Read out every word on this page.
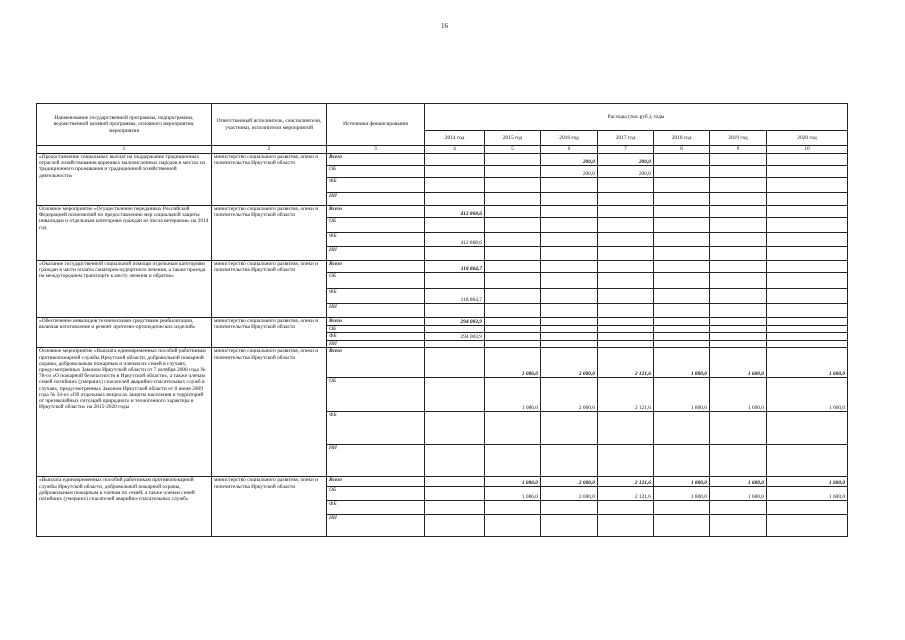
16
Наименование государственной программы, подпрограммы, ведомственной целевой программы, основного мероприятия, мероприятия	Ответственный исполнитель, соисполнители, участники, исполнители мероприятий	Источники финансирования	Расходы (тыс.руб.), годы						
			2014 год	2015 год	2016 год	2017 год	2018 год	2019 год	2020 год
1	2	3	4	5	6	7	8	9	10
«Предоставление социальных выплат на поддержание традиционных отраслей хозяйствования коренных малочисленных народов в местах их традиционного проживания и традиционной хозяйственной деятельности»	министерство социального развития, опеки и попечительства Иркутской области	Всего			200,0	200,0			
		ОБ			200,0	200,0			
		ФБ							
		ИИ							
Основное мероприятие «Осуществление переданных Российской Федерацией полномочий по предоставлению мер социальной защиты инвалидам и отдельным категориям граждан из числа ветеранов» на 2014 год	министерство социального развития, опеки и попечительства Иркутской области	Всего	412 868,6						
		ОБ							
		ФБ	412 868,6						
		ИИ							
«Оказание государственной социальной помощи отдельным категориям граждан в части оплаты санаторно-курортного лечения, а также проезда на междугороднем транспорте к месту лечения и обратно»	министерство социального развития, опеки и попечительства Иркутской области	Всего	118 864,7						
		ОБ							
		ФБ	118 864,7						
		ИИ							
«Обеспечение инвалидов техническими средствами реабилитации, включая изготовление и ремонт протезно-ортопедических изделий»	министерство социального развития, опеки и попечительства Иркутской области	Всего	294 003,9						
		ОБ							
		ФБ	294 003,9						
		ИИ							
Основное мероприятие «Выплата единовременных пособий работникам противопожарной службы Иркутской области, добровольной пожарной охраны, добровольным пожарным и членам их семей в случаях, предусмотренных Законом Иркутской области от 7 октября 2008 года № 78-оз «О пожарной безопасности в Иркутской области», а также членам семей погибших (умерших) спасателей аварийно-спасательных служб в случаях, предусмотренных Законом Иркутской области от 8 июня 2009 года № 34-оз «Об отдельных вопросах защиты населения и территорий от чрезвычайных ситуаций природного и техногенного характера в Иркутской области» на 2015-2020 годы	министерство социального развития, опеки и попечительства Иркутской области	Всего		1 086,0	2 000,0	2 121,6	1 800,0	1 600,0	1 600,0
		ОБ		1 086,0	2 000,0	2 121,6	1 800,0	1 600,0	1 600,0
		ФБ							
		ИИ							
«Выплата единовременных пособий работникам противопожарной службы Иркутской области, добровольной пожарной охраны, добровольным пожарным и членам их семей, а также членам семей погибших (умерших) спасателей аварийно-спасательных служб»	министерство социального развития, опеки и попечительства Иркутской области	Всего		1 086,0	2 000,0	2 121,6	1 800,0	1 600,0	1 600,0
		ОБ		1 086,0	2 000,0	2 121,6	1 800,0	1 600,0	1 600,0
		ФБ							
		ИИ							
